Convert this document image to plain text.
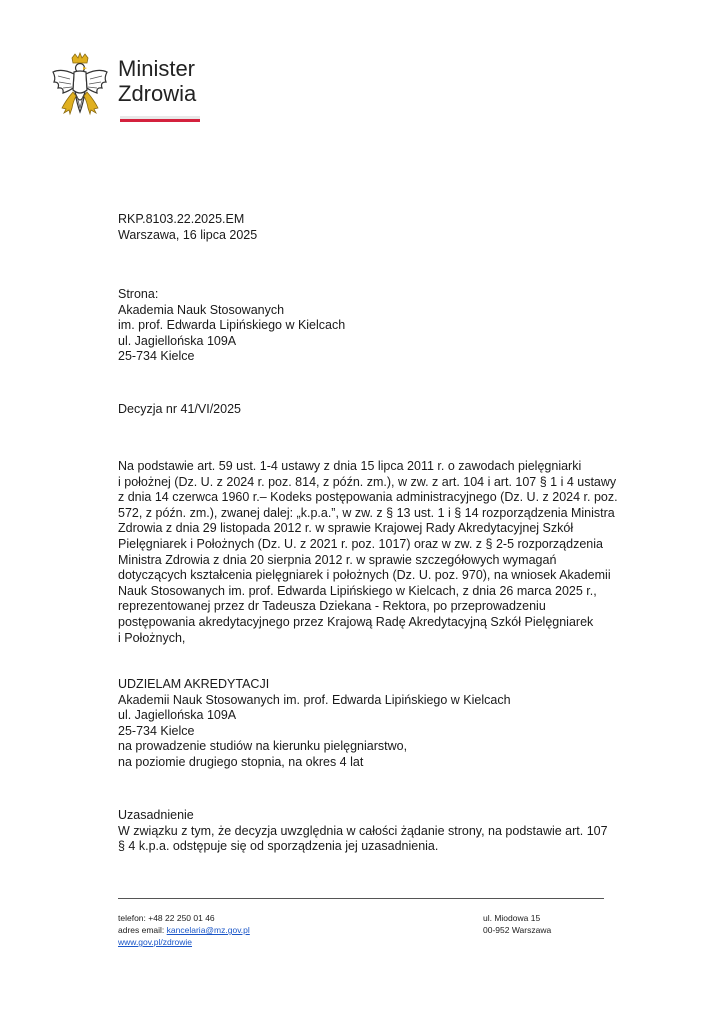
Minister
Zdrowia
RKP.8103.22.2025.EM
Warszawa, 16 lipca 2025
Strona:
Akademia Nauk Stosowanych
im. prof. Edwarda Lipińskiego w Kielcach
ul. Jagiellońska 109A
25-734 Kielce
Decyzja nr 41/VI/2025
Na podstawie art. 59 ust. 1-4 ustawy z dnia 15 lipca 2011 r. o zawodach pielęgniarki
i położnej (Dz. U. z 2024 r. poz. 814, z późn. zm.), w zw. z art. 104 i art. 107 § 1 i 4 ustawy
z dnia 14 czerwca 1960 r.– Kodeks postępowania administracyjnego (Dz. U. z 2024 r. poz.
572, z późn. zm.), zwanej dalej: „k.p.a.”, w zw. z § 13 ust. 1 i § 14 rozporządzenia Ministra
Zdrowia z dnia 29 listopada 2012 r. w sprawie Krajowej Rady Akredytacyjnej Szkół
Pielęgniarek i Położnych (Dz. U. z 2021 r. poz. 1017) oraz w zw. z § 2-5 rozporządzenia
Ministra Zdrowia z dnia 20 sierpnia 2012 r. w sprawie szczegółowych wymagań
dotyczących kształcenia pielęgniarek i położnych (Dz. U. poz. 970), na wniosek Akademii
Nauk Stosowanych im. prof. Edwarda Lipińskiego w Kielcach, z dnia 26 marca 2025 r.,
reprezentowanej przez dr Tadeusza Dziekana - Rektora, po przeprowadzeniu
postępowania akredytacyjnego przez Krajową Radę Akredytacyjną Szkół Pielęgniarek
i Położnych,
UDZIELAM AKREDYTACJI
Akademii Nauk Stosowanych im. prof. Edwarda Lipińskiego w Kielcach
ul. Jagiellońska 109A
25-734 Kielce
na prowadzenie studiów na kierunku pielęgniarstwo,
na poziomie drugiego stopnia, na okres 4 lat
Uzasadnienie
W związku z tym, że decyzja uwzględnia w całości żądanie strony, na podstawie art. 107
§ 4 k.p.a. odstępuje się od sporządzenia jej uzasadnienia.
telefon: +48 22 250 01 46
adres email: kancelaria@mz.gov.pl
www.gov.pl/zdrowie
ul. Miodowa 15
00-952 Warszawa
